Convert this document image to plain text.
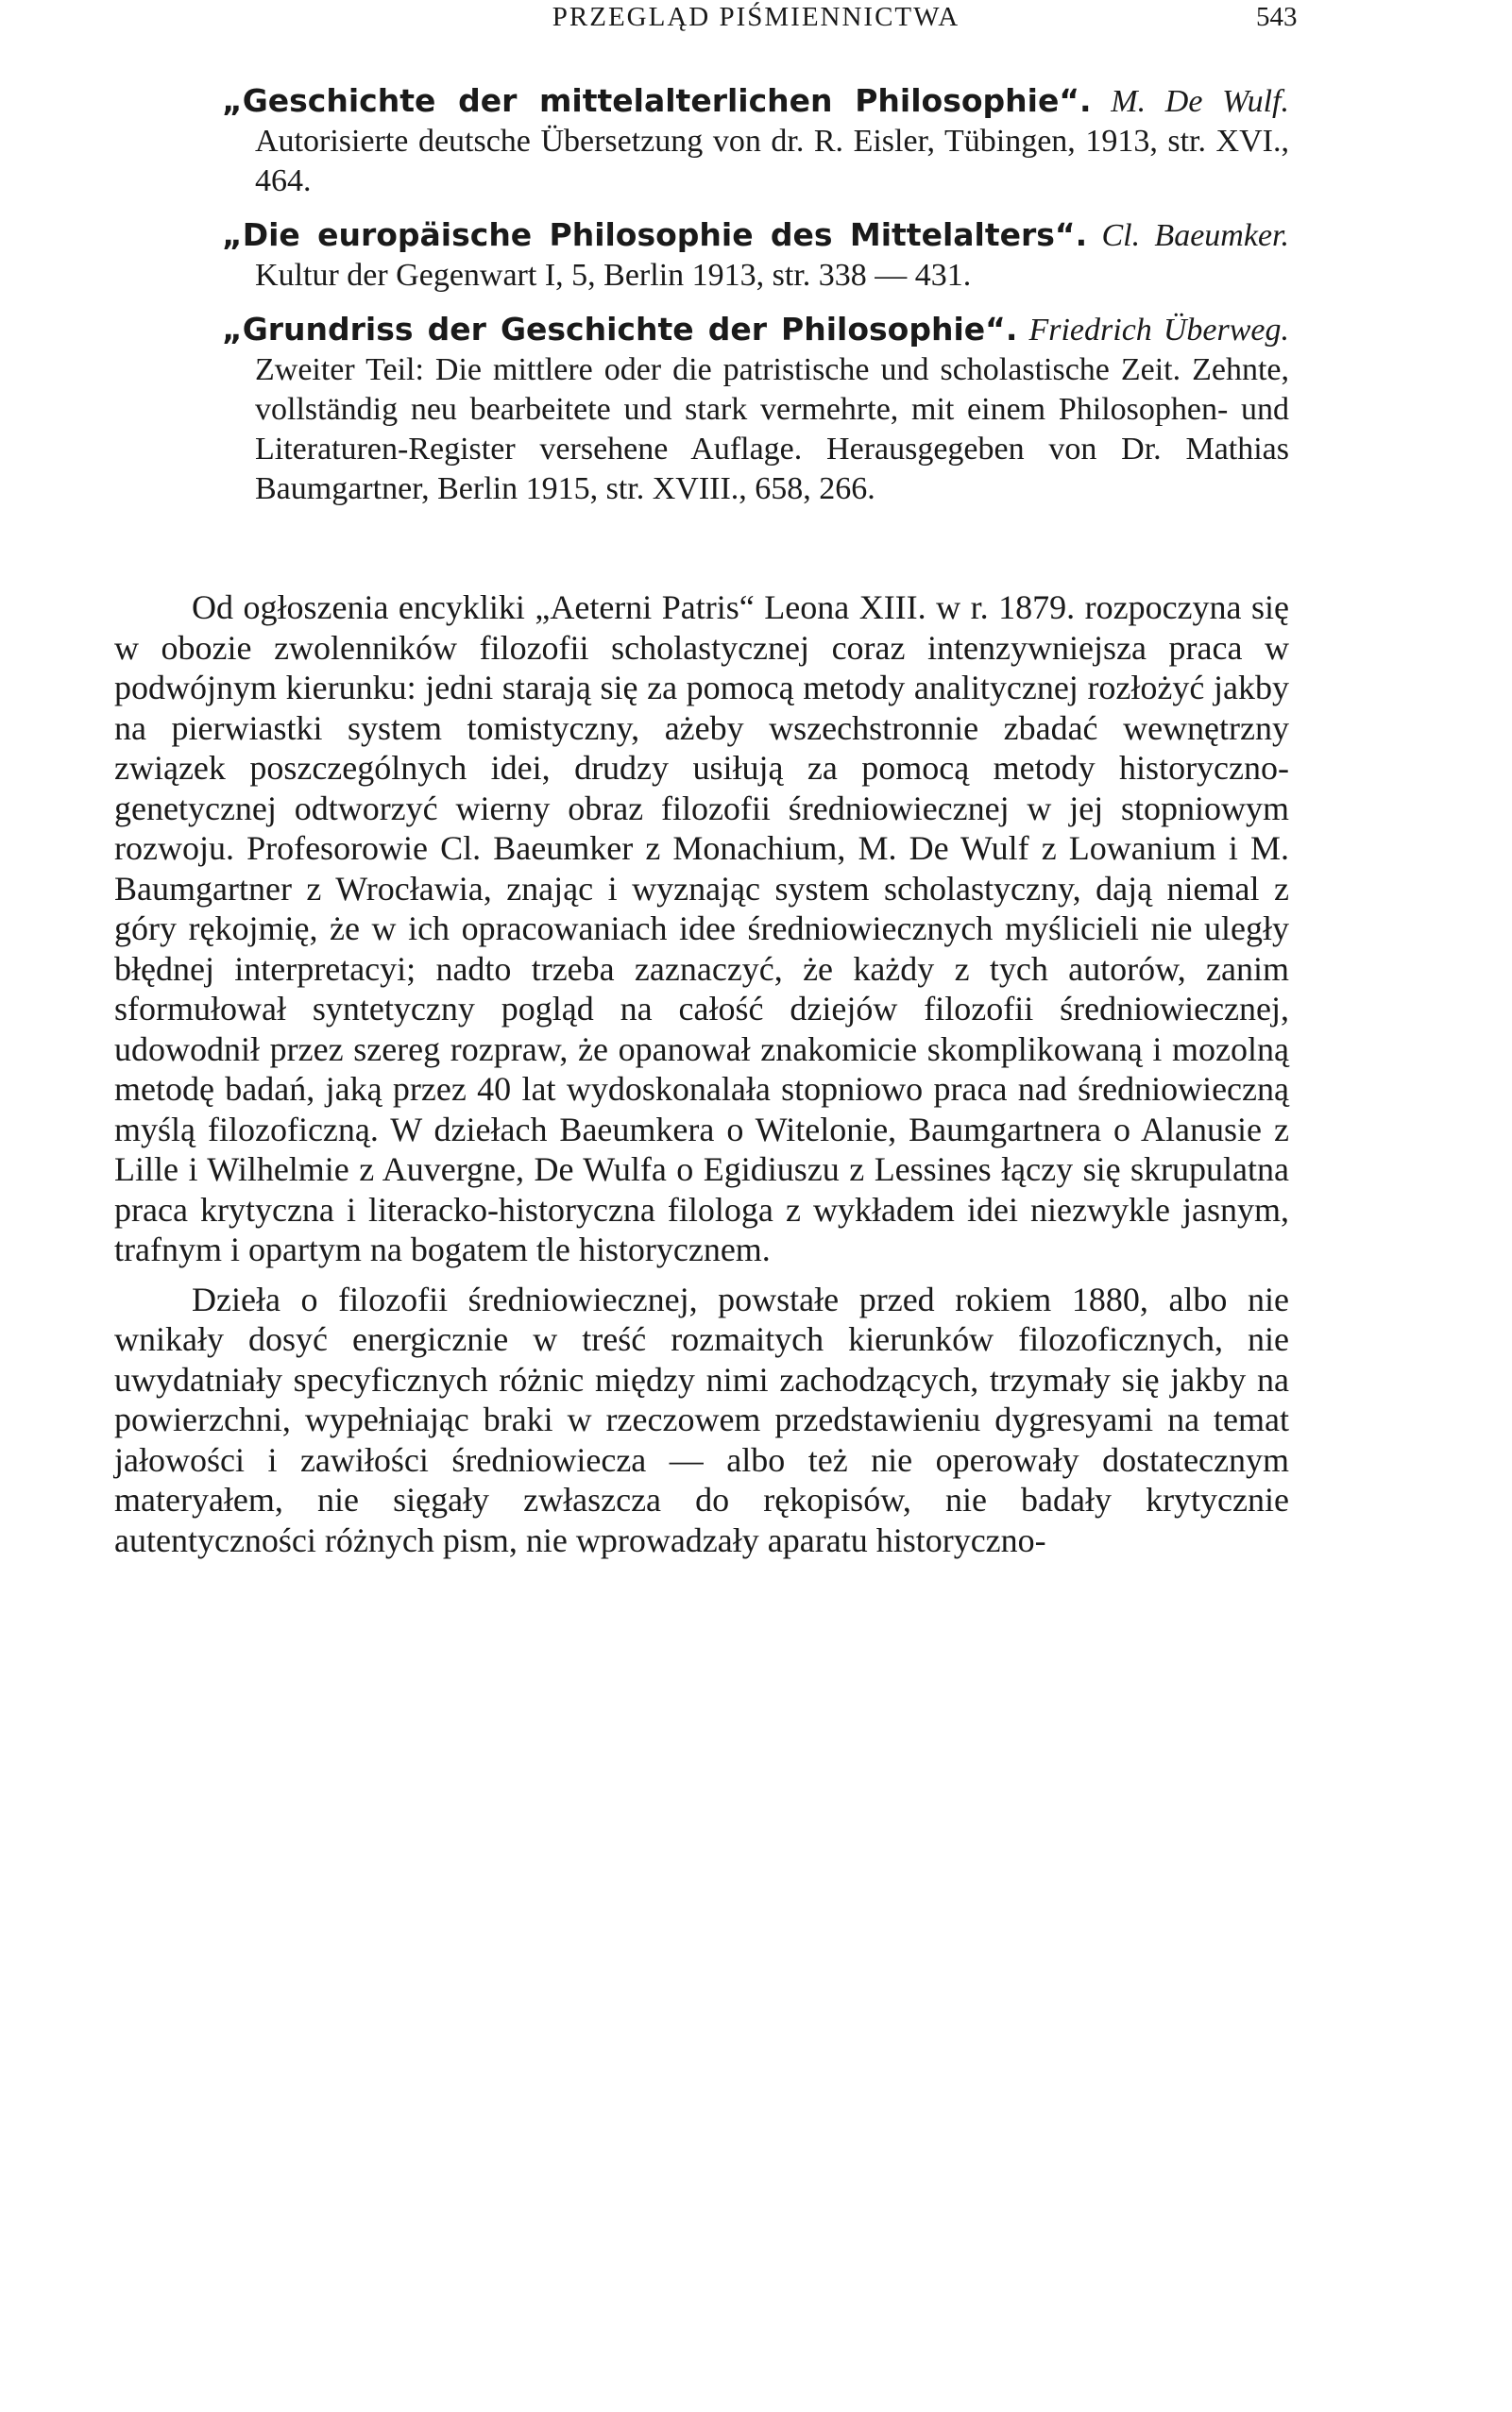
PRZEGLĄD PIŚMIENNICTWA	543
„Geschichte der mittelalterlichen Philosophie“. M. De Wulf. Autorisierte deutsche Übersetzung von dr. R. Eisler, Tübingen, 1913, str. XVI., 464.
„Die europäische Philosophie des Mittelalters“. Cl. Baeumker. Kultur der Gegenwart I, 5, Berlin 1913, str. 338 — 431.
„Grundriss der Geschichte der Philosophie“. Friedrich Überweg. Zweiter Teil: Die mittlere oder die patristische und scholastische Zeit. Zehnte, vollständig neu bearbeitete und stark vermehrte, mit einem Philosophen- und Literaturen-Register versehene Auflage. Herausgegeben von Dr. Mathias Baumgartner, Berlin 1915, str. XVIII., 658, 266.

Od ogłoszenia encykliki „Aeterni Patris“ Leona XIII. w r. 1879. rozpoczyna się w obozie zwolenników filozofii scholastycznej coraz intenzywniejsza praca w podwójnym kierunku: jedni starają się za pomocą metody analitycznej rozłożyć jakby na pierwiastki system tomistyczny, ażeby wszechstronnie zbadać wewnętrzny związek poszczególnych idei, drudzy usiłują za pomocą metody historyczno-genetycznej odtworzyć wierny obraz filozofii średniowiecznej w jej stopniowym rozwoju. Profesorowie Cl. Baeumker z Monachium, M. De Wulf z Lowanium i M. Baumgartner z Wrocławia, znając i wyznając system scholastyczny, dają niemal z góry rękojmię, że w ich opracowaniach idee średniowiecznych myślicieli nie uległy błędnej interpretacyi; nadto trzeba zaznaczyć, że każdy z tych autorów, zanim sformułował syntetyczny pogląd na całość dziejów filozofii średniowiecznej, udowodnił przez szereg rozpraw, że opanował znakomicie skomplikowaną i mozolną metodę badań, jaką przez 40 lat wydoskonalała stopniowo praca nad średniowieczną myślą filozoficzną. W dziełach Baeumkera o Witelonie, Baumgartnera o Alanusie z Lille i Wilhelmie z Auvergne, De Wulfa o Egidiuszu z Lessines łączy się skrupulatna praca krytyczna i literacko-historyczna filologa z wykładem idei niezwykle jasnym, trafnym i opartym na bogatem tle historycznem.

Dzieła o filozofii średniowiecznej, powstałe przed rokiem 1880, albo nie wnikały dosyć energicznie w treść rozmaitych kierunków filozoficznych, nie uwydatniały specyficznych różnic między nimi zachodzących, trzymały się jakby na powierzchni, wypełniając braki w rzeczowem przedstawieniu dygresyami na temat jałowości i zawiłości średniowiecza — albo też nie operowały dostatecznym materyałem, nie sięgały zwłaszcza do rękopisów, nie badały krytycznie autentyczności różnych pism, nie wprowadzały aparatu historyczno-
